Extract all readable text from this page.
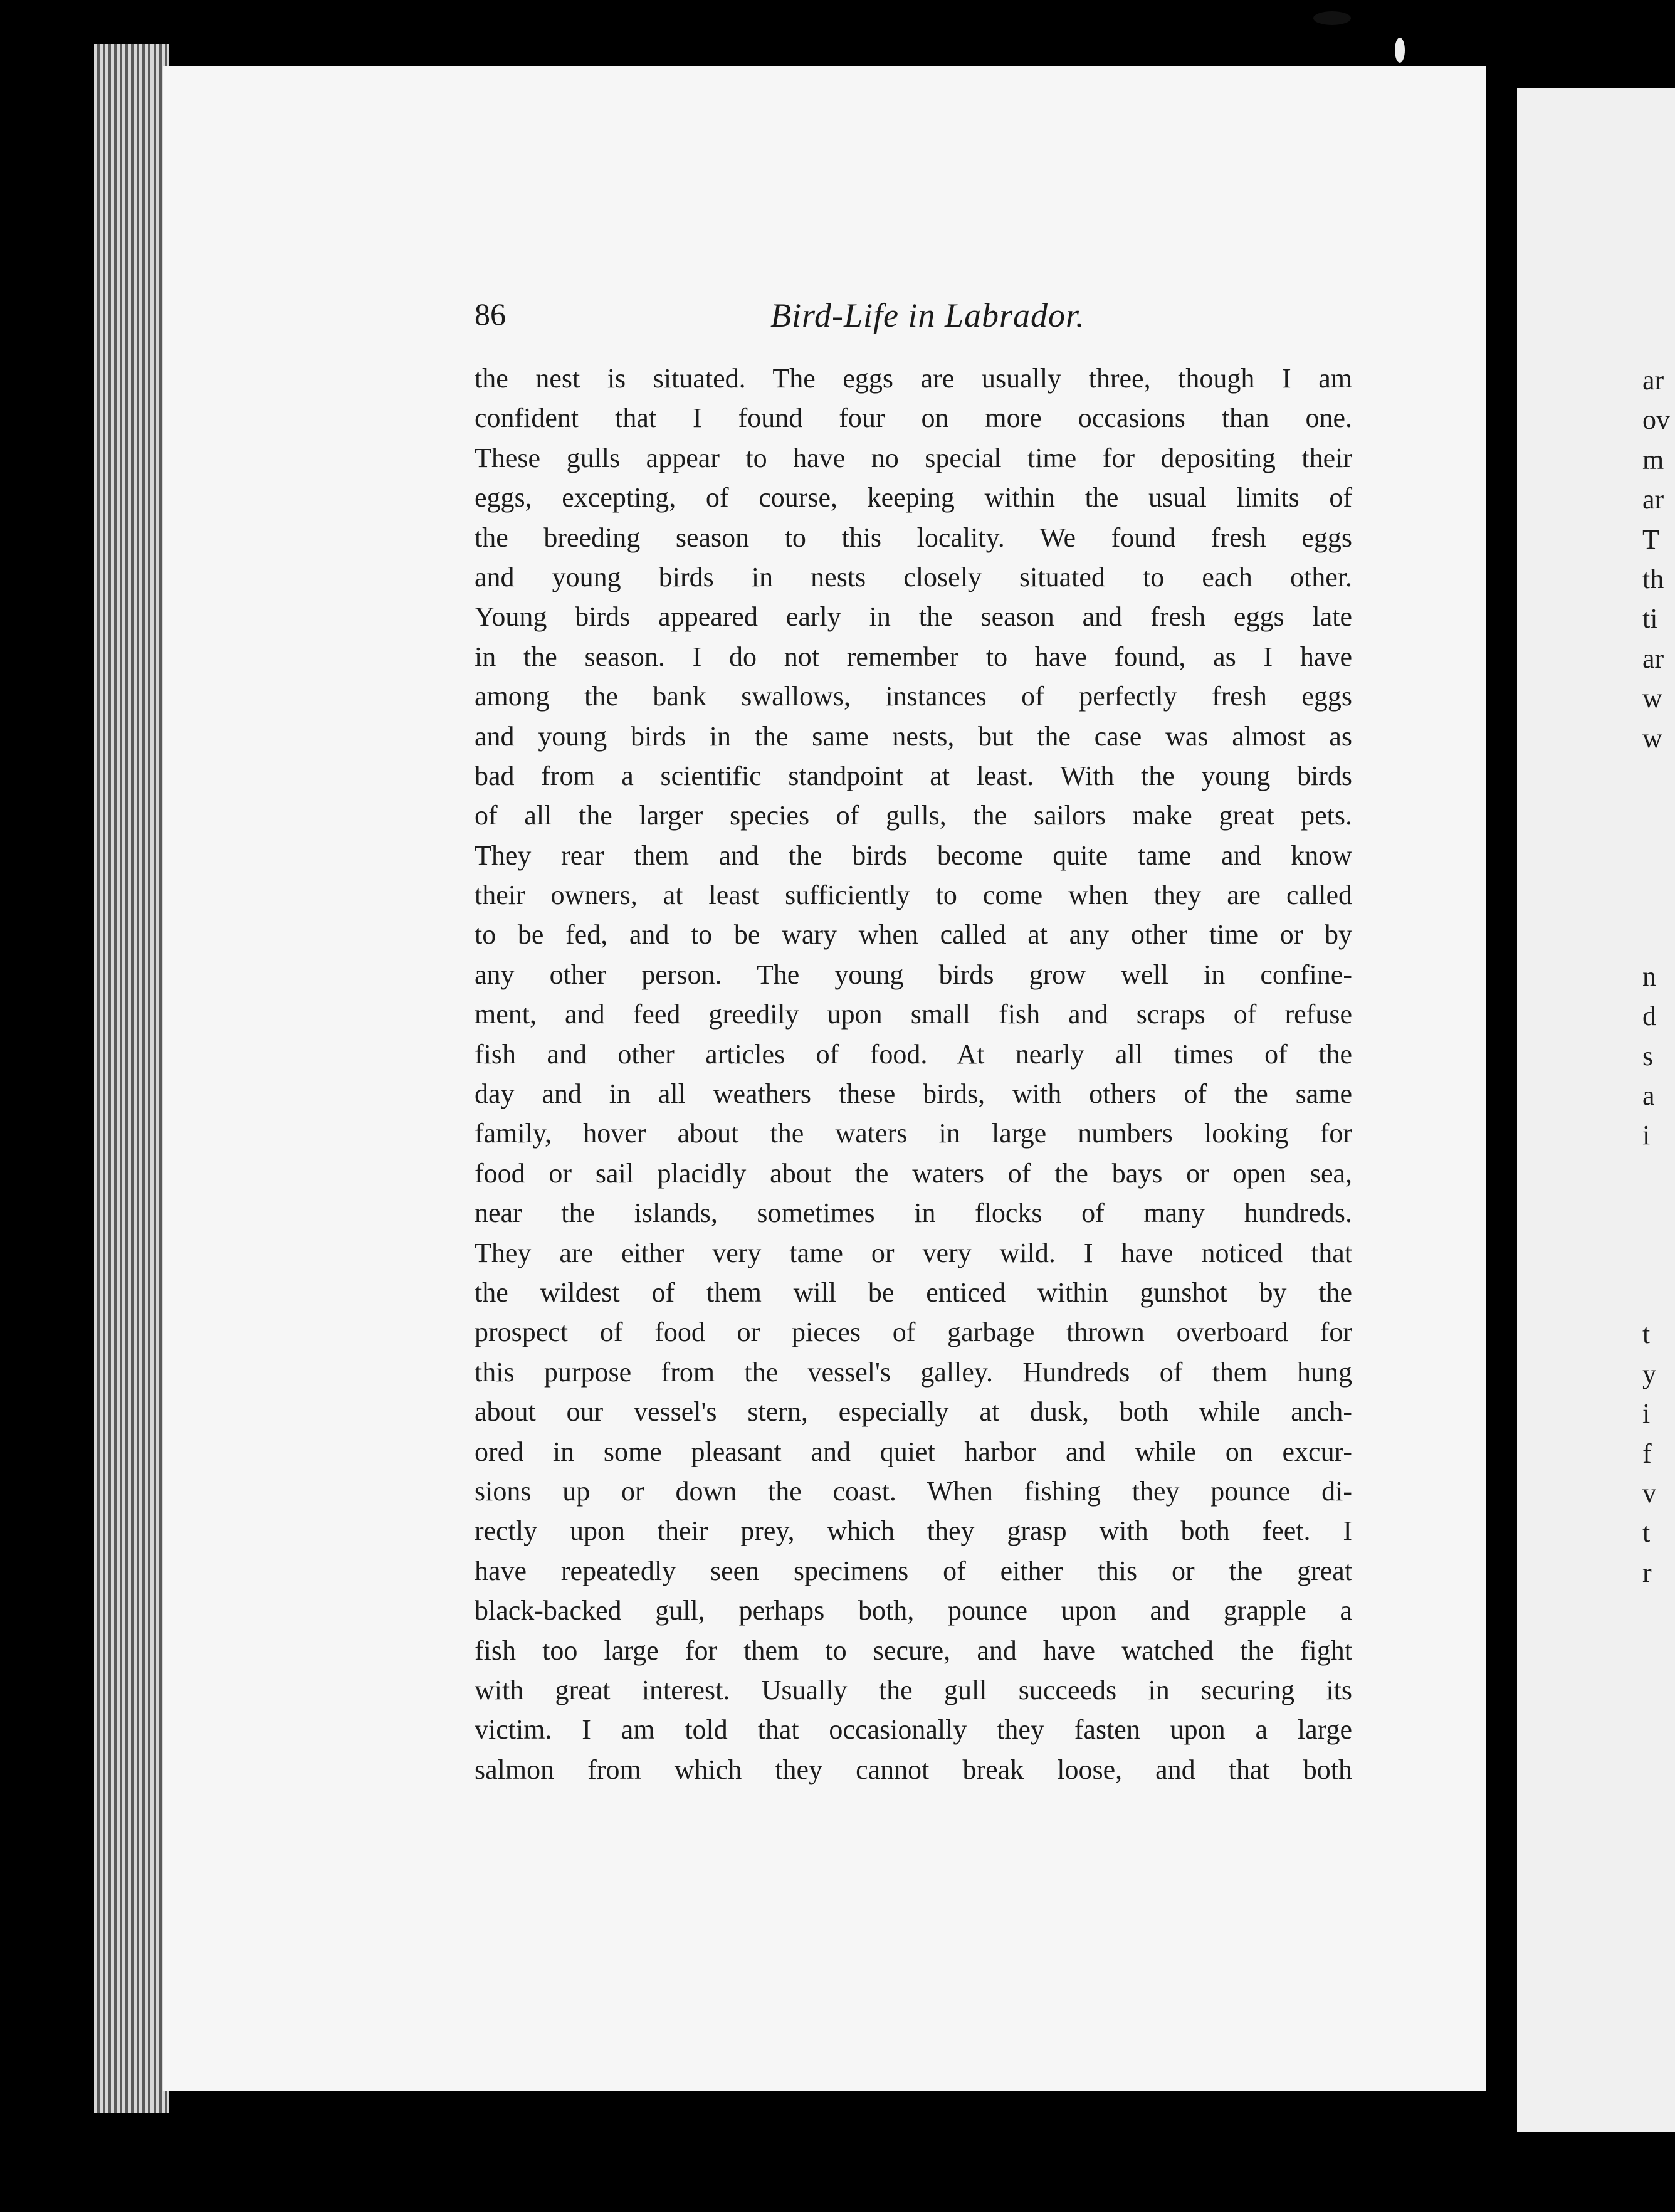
86	Bird-Life in Labrador.
the nest is situated. The eggs are usually three, though I am
confident that I found four on more occasions than one.
These gulls appear to have no special time for depositing their
eggs, excepting, of course, keeping within the usual limits of
the breeding season to this locality. We found fresh eggs
and young birds in nests closely situated to each other.
Young birds appeared early in the season and fresh eggs late
in the season. I do not remember to have found, as I have
among the bank swallows, instances of perfectly fresh eggs
and young birds in the same nests, but the case was almost as
bad from a scientific standpoint at least. With the young birds
of all the larger species of gulls, the sailors make great pets.
They rear them and the birds become quite tame and know
their owners, at least sufficiently to come when they are called
to be fed, and to be wary when called at any other time or by
any other person. The young birds grow well in confine-
ment, and feed greedily upon small fish and scraps of refuse
fish and other articles of food. At nearly all times of the
day and in all weathers these birds, with others of the same
family, hover about the waters in large numbers looking for
food or sail placidly about the waters of the bays or open sea,
near the islands, sometimes in flocks of many hundreds.
They are either very tame or very wild. I have noticed that
the wildest of them will be enticed within gunshot by the
prospect of food or pieces of garbage thrown overboard for
this purpose from the vessel's galley. Hundreds of them hung
about our vessel's stern, especially at dusk, both while anch-
ored in some pleasant and quiet harbor and while on excur-
sions up or down the coast. When fishing they pounce di-
rectly upon their prey, which they grasp with both feet. I
have repeatedly seen specimens of either this or the great
black-backed gull, perhaps both, pounce upon and grapple a
fish too large for them to secure, and have watched the fight
with great interest. Usually the gull succeeds in securing its
victim. I am told that occasionally they fasten upon a large
salmon from which they cannot break loose, and that both
ar
ov
m
ar
T
th
ti
ar
w
w
n
d
s
a
i
t
y
i
f
v
t
r
